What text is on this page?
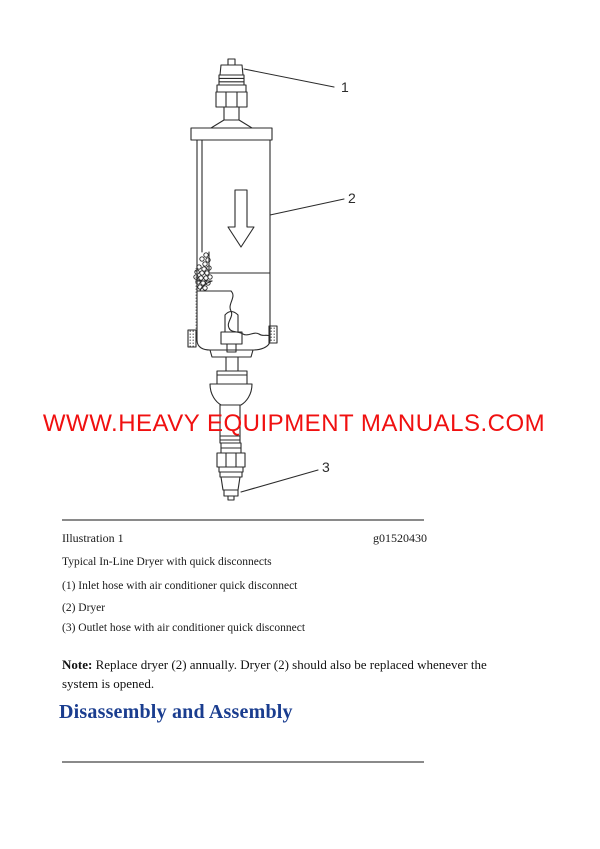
1
2
3
WWW.HEAVY EQUIPMENT MANUALS.COM
Illustration 1	g01520430
Typical In-Line Dryer with quick disconnects
(1) Inlet hose with air conditioner quick disconnect
(2) Dryer
(3) Outlet hose with air conditioner quick disconnect

Note: Replace dryer (2) annually. Dryer (2) should also be replaced whenever the system is opened.

Disassembly and Assembly
